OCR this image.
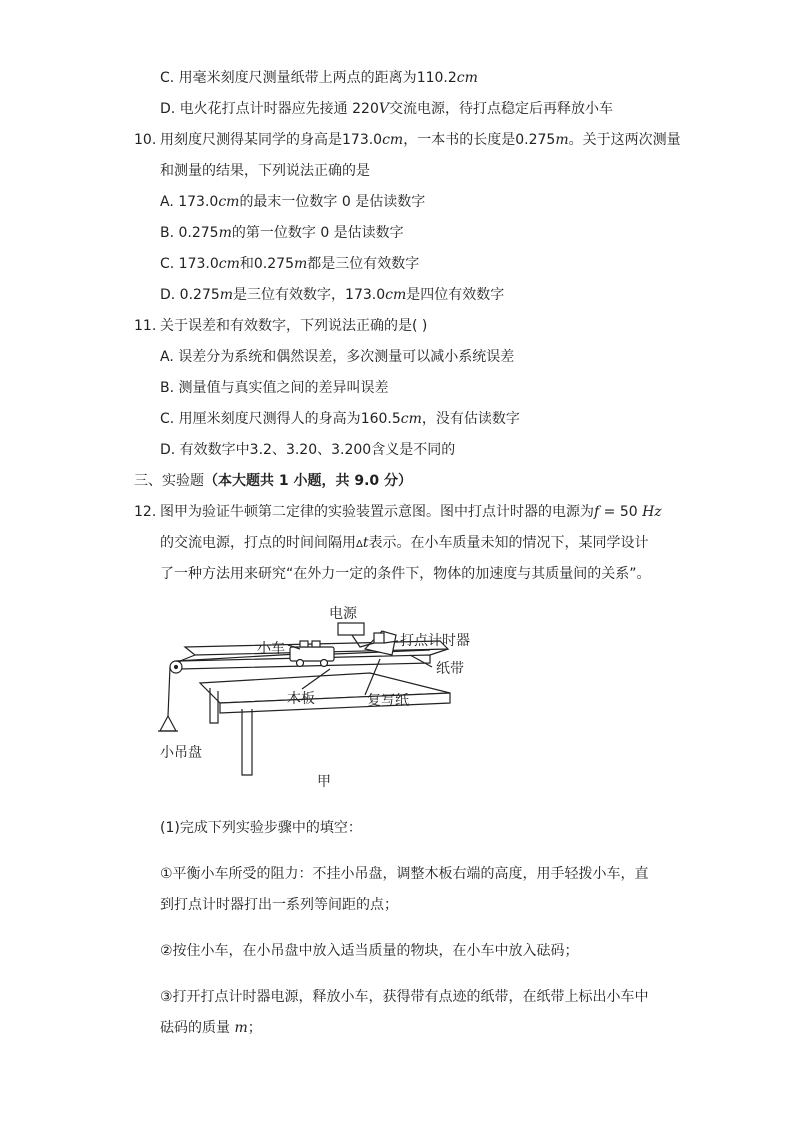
C. 用毫米刻度尺测量纸带上两点的距离为110.2cm
D. 电火花打点计时器应先接通 220V交流电源，待打点稳定后再释放小车
10. 用刻度尺测得某同学的身高是173.0cm，一本书的长度是0.275m。关于这两次测量
和测量的结果，下列说法正确的是
A. 173.0cm的最末一位数字 0 是估读数字
B. 0.275m的第一位数字 0 是估读数字
C. 173.0cm和0.275m都是三位有效数字
D. 0.275m是三位有效数字，173.0cm是四位有效数字
11. 关于误差和有效数字，下列说法正确的是( )
A. 误差分为系统和偶然误差，多次测量可以减小系统误差
B. 测量值与真实值之间的差异叫误差
C. 用厘米刻度尺测得人的身高为160.5cm，没有估读数字
D. 有效数字中3.2、3.20、3.200含义是不同的
三、实验题（本大题共 1 小题，共 9.0 分）
12. 图甲为验证牛顿第二定律的实验装置示意图。图中打点计时器的电源为f = 50 Hz
的交流电源，打点的时间间隔用Δt表示。在小车质量未知的情况下，某同学设计
了一种方法用来研究“在外力一定的条件下，物体的加速度与其质量间的关系”。
电源
小车	打点计时器
纸带
木板	复写纸
小吊盘
甲
(1)完成下列实验步骤中的填空：
①平衡小车所受的阻力：不挂小吊盘，调整木板右端的高度，用手轻拨小车，直
到打点计时器打出一系列等间距的点；
②按住小车，在小吊盘中放入适当质量的物块，在小车中放入砝码；
③打开打点计时器电源，释放小车，获得带有点迹的纸带，在纸带上标出小车中
砝码的质量 m；
